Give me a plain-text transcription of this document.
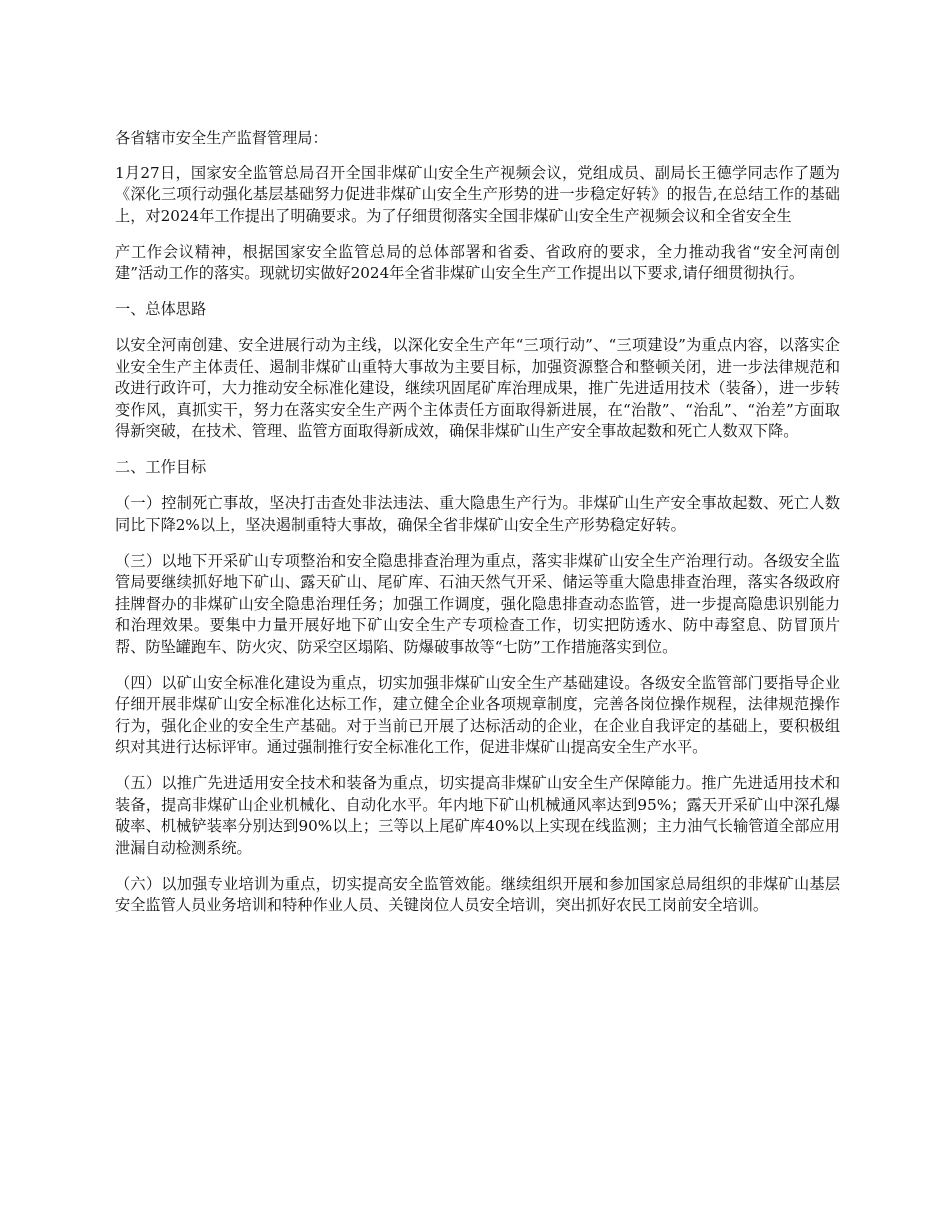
各省辖市安全生产监督管理局：

1月27日，国家安全监管总局召开全国非煤矿山安全生产视频会议，党组成员、副局长王德学同志作了题为《深化三项行动强化基层基础努力促进非煤矿山安全生产形势的进一步稳定好转》的报告,在总结工作的基础上，对2024年工作提出了明确要求。为了仔细贯彻落实全国非煤矿山安全生产视频会议和全省安全生

产工作会议精神，根据国家安全监管总局的总体部署和省委、省政府的要求，全力推动我省“安全河南创建”活动工作的落实。现就切实做好2024年全省非煤矿山安全生产工作提出以下要求,请仔细贯彻执行。

一、总体思路

以安全河南创建、安全进展行动为主线，以深化安全生产年“三项行动”、“三项建设”为重点内容，以落实企业安全生产主体责任、遏制非煤矿山重特大事故为主要目标，加强资源整合和整顿关闭，进一步法律规范和改进行政许可，大力推动安全标准化建设，继续巩固尾矿库治理成果，推广先进适用技术（装备），进一步转变作风，真抓实干，努力在落实安全生产两个主体责任方面取得新进展，在“治散”、“治乱”、“治差”方面取得新突破，在技术、管理、监管方面取得新成效，确保非煤矿山生产安全事故起数和死亡人数双下降。

二、工作目标

（一）控制死亡事故，坚决打击查处非法违法、重大隐患生产行为。非煤矿山生产安全事故起数、死亡人数同比下降2%以上，坚决遏制重特大事故，确保全省非煤矿山安全生产形势稳定好转。

（三）以地下开采矿山专项整治和安全隐患排查治理为重点，落实非煤矿山安全生产治理行动。各级安全监管局要继续抓好地下矿山、露天矿山、尾矿库、石油天然气开采、储运等重大隐患排查治理，落实各级政府挂牌督办的非煤矿山安全隐患治理任务；加强工作调度，强化隐患排查动态监管，进一步提高隐患识别能力和治理效果。要集中力量开展好地下矿山安全生产专项检查工作，切实把防透水、防中毒窒息、防冒顶片帮、防坠罐跑车、防火灾、防采空区塌陷、防爆破事故等“七防”工作措施落实到位。

（四）以矿山安全标准化建设为重点，切实加强非煤矿山安全生产基础建设。各级安全监管部门要指导企业仔细开展非煤矿山安全标准化达标工作，建立健全企业各项规章制度，完善各岗位操作规程，法律规范操作行为，强化企业的安全生产基础。对于当前已开展了达标活动的企业，在企业自我评定的基础上，要积极组织对其进行达标评审。通过强制推行安全标准化工作，促进非煤矿山提高安全生产水平。

（五）以推广先进适用安全技术和装备为重点，切实提高非煤矿山安全生产保障能力。推广先进适用技术和装备，提高非煤矿山企业机械化、自动化水平。年内地下矿山机械通风率达到95%；露天开采矿山中深孔爆破率、机械铲装率分别达到90%以上；三等以上尾矿库40%以上实现在线监测；主力油气长输管道全部应用泄漏自动检测系统。

（六）以加强专业培训为重点，切实提高安全监管效能。继续组织开展和参加国家总局组织的非煤矿山基层安全监管人员业务培训和特种作业人员、关键岗位人员安全培训，突出抓好农民工岗前安全培训。
